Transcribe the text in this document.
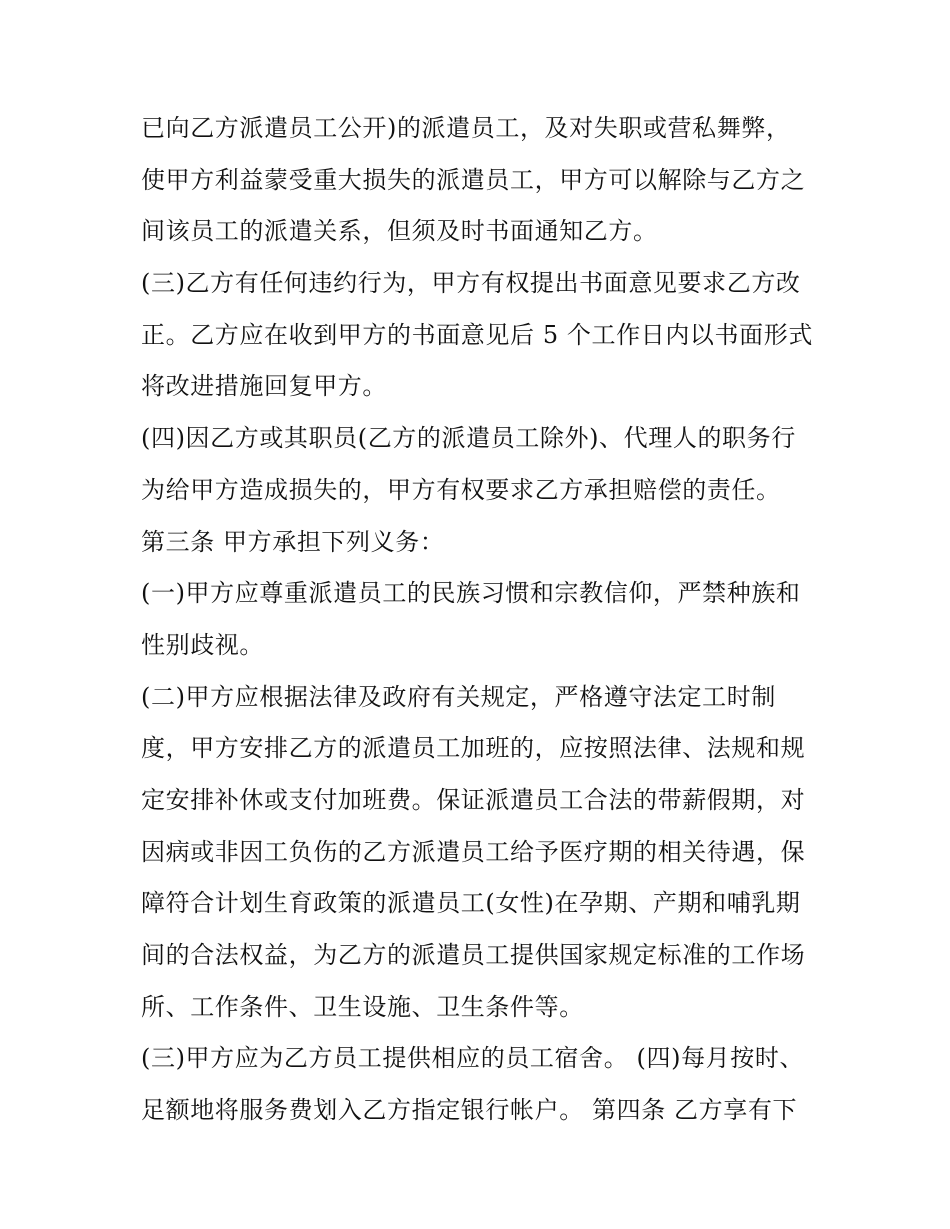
已向乙方派遣员工公开)的派遣员工，及对失职或营私舞弊，
使甲方利益蒙受重大损失的派遣员工，甲方可以解除与乙方之
间该员工的派遣关系，但须及时书面通知乙方。
(三)乙方有任何违约行为，甲方有权提出书面意见要求乙方改
正。乙方应在收到甲方的书面意见后 5 个工作日内以书面形式
将改进措施回复甲方。
(四)因乙方或其职员(乙方的派遣员工除外)、代理人的职务行
为给甲方造成损失的，甲方有权要求乙方承担赔偿的责任。
第三条 甲方承担下列义务：
(一)甲方应尊重派遣员工的民族习惯和宗教信仰，严禁种族和
性别歧视。
(二)甲方应根据法律及政府有关规定，严格遵守法定工时制
度，甲方安排乙方的派遣员工加班的，应按照法律、法规和规
定安排补休或支付加班费。保证派遣员工合法的带薪假期，对
因病或非因工负伤的乙方派遣员工给予医疗期的相关待遇，保
障符合计划生育政策的派遣员工(女性)在孕期、产期和哺乳期
间的合法权益，为乙方的派遣员工提供国家规定标准的工作场
所、工作条件、卫生设施、卫生条件等。
(三)甲方应为乙方员工提供相应的员工宿舍。 (四)每月按时、
足额地将服务费划入乙方指定银行帐户。 第四条 乙方享有下
